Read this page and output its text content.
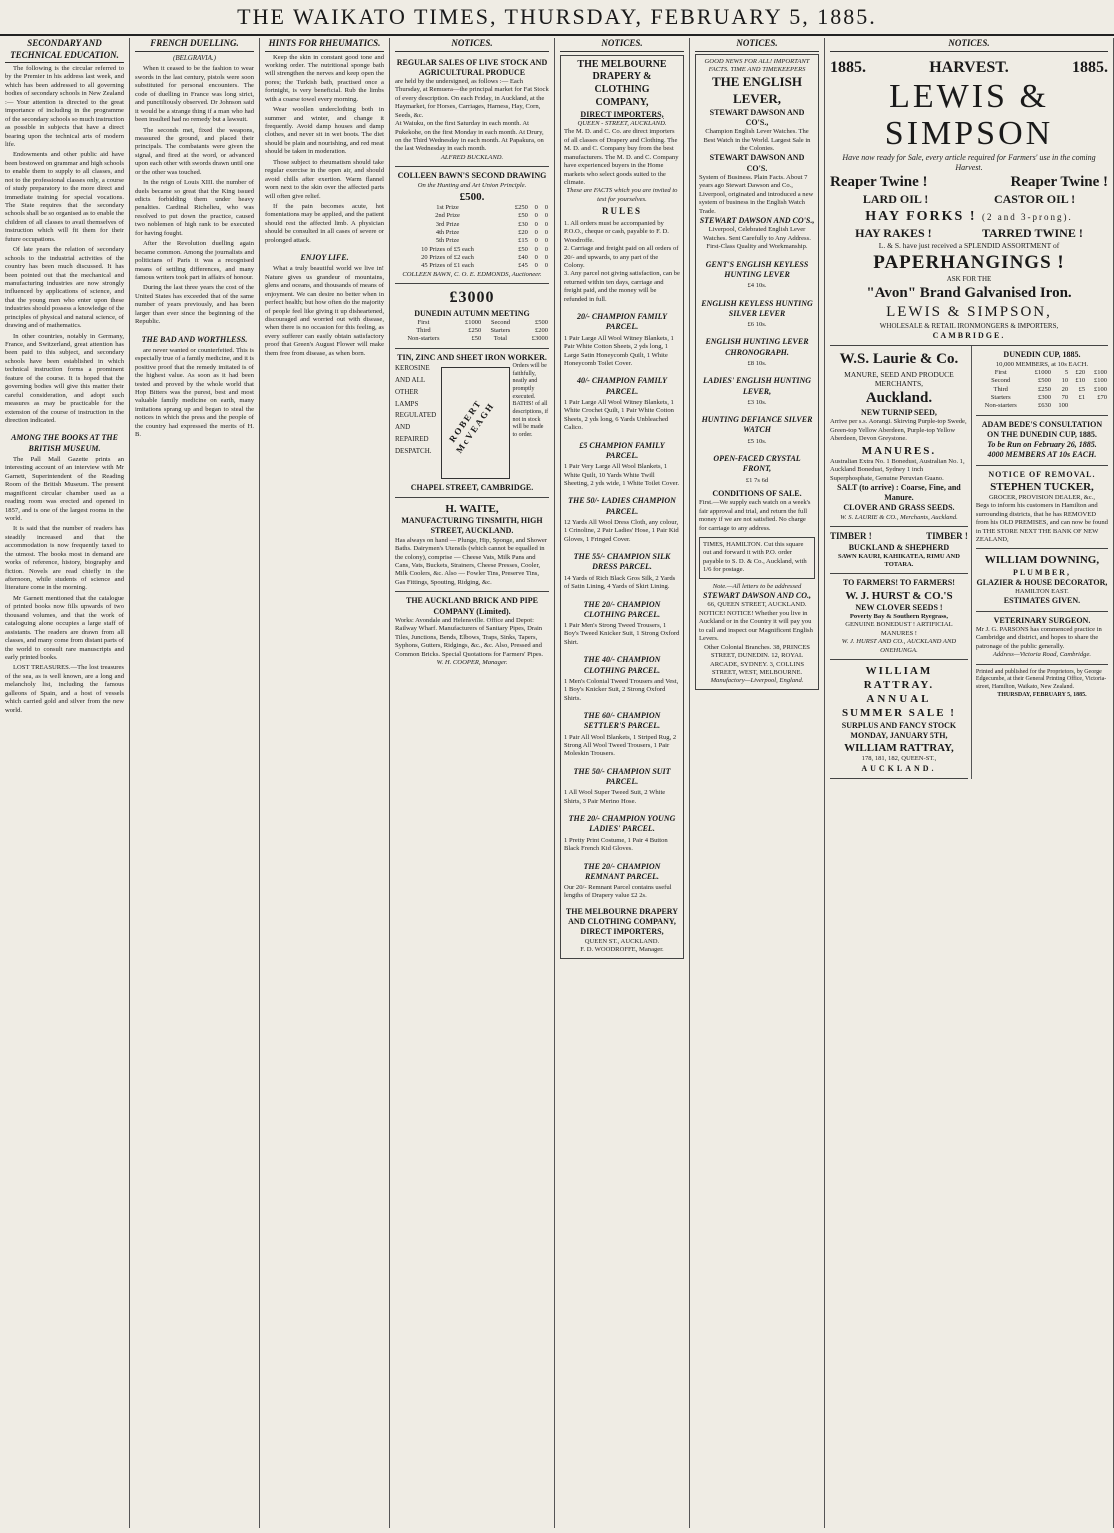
THE WAIKATO TIMES, THURSDAY, FEBRUARY 5, 1885.
SECONDARY AND TECHNICAL EDUCATION.

The following is the circular referred to by the Premier in his address last week, and which has been addressed to all governing bodies of secondary schools in New Zealand :— Your attention is directed to the great importance of including in the programme of the secondary schools so much instruction as possible in subjects that have a direct bearing upon the technical arts of modern life.

Endowments and other public aid have been bestowed on grammar and high schools to enable them to supply to all classes, and not to the professional classes only, a course of study preparatory to the more direct and immediate training for special vocations. The State requires that the secondary schools shall be so organised as to enable the children of all classes to avail themselves of instruction which will fit them for their future occupations.

Of late years the relation of secondary schools to the industrial activities of the country has been much discussed. It has been pointed out that the mechanical and manufacturing industries are now strongly influenced by applications of science, and that the young men who enter upon these industries should possess a knowledge of the principles of physical and natural science, of drawing and of mathematics.

In other countries, notably in Germany, France, and Switzerland, great attention has been paid to this subject, and secondary schools have been established in which technical instruction forms a prominent feature of the course. It is hoped that the governing bodies will give this matter their careful consideration, and adopt such measures as may be practicable for the extension of the course of instruction in the direction indicated.

AMONG THE BOOKS AT THE BRITISH MUSEUM.

The Pall Mall Gazette prints an interesting account of an interview with Mr Garnett, Superintendent of the Reading Room of the British Museum. The present magnificent circular chamber used as a reading room was erected and opened in 1857, and is one of the largest rooms in the world.

It is said that the number of readers has steadily increased and that the accommodation is now frequently taxed to the utmost. The books most in demand are works of reference, history, biography and fiction. Novels are read chiefly in the afternoon, while students of science and literature come in the morning.

Mr Garnett mentioned that the catalogue of printed books now fills upwards of two thousand volumes, and that the work of cataloguing alone occupies a large staff of assistants. The readers are drawn from all classes, and many come from distant parts of the world to consult rare manuscripts and early printed books.

LOST TREASURES.—The lost treasures of the sea, as is well known, are a long and melancholy list, including the famous galleons of Spain, and a host of vessels which carried gold and silver from the new world.

FRENCH DUELLING.
(BELGRAVIA.)

When it ceased to be the fashion to wear swords in the last century, pistols were soon substituted for personal encounters. The code of duelling in France was long strict, and punctiliously observed. Dr Johnson said it would be a strange thing if a man who had been insulted had no remedy but a lawsuit.

The seconds met, fixed the weapons, measured the ground, and placed their principals. The combatants were given the signal, and fired at the word, or advanced upon each other with swords drawn until one or the other was touched.

In the reign of Louis XIII. the number of duels became so great that the King issued edicts forbidding them under heavy penalties. Cardinal Richelieu, who was resolved to put down the practice, caused two noblemen of high rank to be executed for having fought.

After the Revolution duelling again became common. Among the journalists and politicians of Paris it was a recognised means of settling differences, and many famous writers took part in affairs of honour.

During the last three years the cost of the United States has exceeded that of the same number of years previously, and has been larger than ever since the beginning of the Republic.

THE BAD AND WORTHLESS.

are never wanted or counterfeited. This is especially true of a family medicine, and it is positive proof that the remedy imitated is of the highest value. As soon as it had been tested and proved by the whole world that Hop Bitters was the purest, best and most valuable family medicine on earth, many imitations sprang up and began to steal the notices in which the press and the people of the country had expressed the merits of H. B.

HINTS FOR RHEUMATICS.

Keep the skin in constant good tone and working order. The nutritional sponge bath will strengthen the nerves and keep open the pores; the Turkish bath, practised once a fortnight, is very beneficial. Rub the limbs with a coarse towel every morning.

Wear woollen underclothing both in summer and winter, and change it frequently. Avoid damp houses and damp clothes, and never sit in wet boots. The diet should be plain and nourishing, and red meat should be taken in moderation.

Those subject to rheumatism should take regular exercise in the open air, and should avoid chills after exertion. Warm flannel worn next to the skin over the affected parts will often give relief.

If the pain becomes acute, hot fomentations may be applied, and the patient should rest the affected limb. A physician should be consulted in all cases of severe or prolonged attack.

ENJOY LIFE.

What a truly beautiful world we live in! Nature gives us grandeur of mountains, glens and oceans, and thousands of means of enjoyment. We can desire no better when in perfect health; but how often do the majority of people feel like giving it up disheartened, discouraged and worried out with disease, when there is no occasion for this feeling, as every sufferer can easily obtain satisfactory proof that Green's August Flower will make them free from disease, as when born.

NOTICES.
REGULAR SALES OF LIVE STOCK AND AGRICULTURAL PRODUCE
are held by the undersigned, as follows :— Each Thursday, at Remuera—the principal market for Fat Stock of every description. On each Friday, in Auckland, at the Haymarket, for Horses, Carriages, Harness, Hay, Corn, Seeds, &c.
At Waiuku, on the first Saturday in each month. At Pukekohe, on the first Monday in each month. At Drury, on the Third Wednesday in each month. At Papakura, on the last Wednesday in each month.
ALFRED BUCKLAND.
COLLEEN BAWN'S SECOND DRAWING
On the Hunting and Art Union Principle.
£500.
1st Prize	£250	0	0
2nd Prize	£50	0	0
3rd Prize	£30	0	0
4th Prize	£20	0	0
5th Prize	£15	0	0
10 Prizes of £5 each	£50	0	0
20 Prizes of £2 each	£40	0	0
45 Prizes of £1 each	£45	0	0
COLLEEN BAWN, C. O. E. EDMONDS, Auctioneer.
£3000
DUNEDIN AUTUMN MEETING
First	£1000	Second	£500
Third	£250	Starters	£200
Non-starters	£50	Total	£3000
TIN, ZINC AND SHEET IRON WORKER.
KEROSINE
AND ALL OTHER
LAMPS
REGULATED
AND
REPAIRED
DESPATCH.
ROBERT McVEAGH
Orders will be faithfully, neatly and promptly executed. BATHS! of all descriptions, if not in stock will be made to order.
CHAPEL STREET, CAMBRIDGE.
H. WAITE,
MANUFACTURING TINSMITH, HIGH STREET, AUCKLAND.
Has always on hand — Plunge, Hip, Sponge, and Shower Baths. Dairymen's Utensils (which cannot be equalled in the colony), comprise — Cheese Vats, Milk Pans and Cans, Vats, Buckets, Strainers, Cheese Presses, Cooler, Milk Coolers, &c. Also — Fowler Tins, Preserve Tins, Gas Fittings, Spouting, Ridging, &c.
THE AUCKLAND BRICK AND PIPE COMPANY (Limited).
Works: Avondale and Helensville. Office and Depot: Railway Wharf. Manufacturers of Sanitary Pipes, Drain Tiles, Junctions, Bends, Elbows, Traps, Sinks, Tapers, Syphons, Gutters, Ridgings, &c., &c. Also, Pressed and Common Bricks. Special Quotations for Farmers' Pipes.
W. H. COOPER, Manager.
NOTICES.
THE MELBOURNE
DRAPERY & CLOTHING
COMPANY,
DIRECT IMPORTERS,
QUEEN - STREET, AUCKLAND.
The M. D. and C. Co. are direct importers of all classes of Drapery and Clothing. The M. D. and C. Company buy from the best manufacturers. The M. D. and C. Company have experienced buyers in the Home markets who select goods suited to the climate.
These are FACTS which you are invited to test for yourselves.
RULES
1. All orders must be accompanied by P.O.O., cheque or cash, payable to F. D. Woodroffe.
2. Carriage and freight paid on all orders of 20/- and upwards, to any part of the Colony.
3. Any parcel not giving satisfaction, can be returned within ten days, carriage and freight paid, and the money will be refunded in full.
20/- CHAMPION FAMILY PARCEL.
1 Pair Large All Wool Witney Blankets, 1 Pair White Cotton Sheets, 2 yds long, 1 Large Satin Honeycomb Quilt, 1 White Honeycomb Toilet Cover.
40/- CHAMPION FAMILY PARCEL.
1 Pair Large All Wool Witney Blankets, 1 White Crochet Quilt, 1 Pair White Cotton Sheets, 2 yds long, 6 Yards Unbleached Calico.
£5 CHAMPION FAMILY PARCEL.
1 Pair Very Large All Wool Blankets, 1 White Quilt, 10 Yards White Twill Sheeting, 2 yds wide, 1 White Toilet Cover.
THE 50/- LADIES CHAMPION PARCEL.
12 Yards All Wool Dress Cloth, any colour, 1 Crinoline, 2 Pair Ladies' Hose, 1 Pair Kid Gloves, 1 Fringed Cover.
THE 55/- CHAMPION SILK DRESS PARCEL.
14 Yards of Rich Black Gros Silk, 2 Yards of Satin Lining, 4 Yards of Skirt Lining.
THE 20/- CHAMPION CLOTHING PARCEL.
1 Pair Men's Strong Tweed Trousers, 1 Boy's Tweed Knicker Suit, 1 Strong Oxford Shirt.
THE 40/- CHAMPION CLOTHING PARCEL.
1 Men's Colonial Tweed Trousers and Vest, 1 Boy's Knicker Suit, 2 Strong Oxford Shirts.
THE 60/- CHAMPION SETTLER'S PARCEL.
1 Pair All Wool Blankets, 1 Striped Rug, 2 Strong All Wool Tweed Trousers, 1 Pair Moleskin Trousers.
THE 50/- CHAMPION SUIT PARCEL.
1 All Wool Super Tweed Suit, 2 White Shirts, 3 Pair Merino Hose.
THE 20/- CHAMPION YOUNG LADIES' PARCEL.
1 Pretty Print Costume, 1 Pair 4 Button Black French Kid Gloves.
THE 20/- CHAMPION REMNANT PARCEL.
Our 20/- Remnant Parcel contains useful lengths of Drapery value £2 2s.
THE MELBOURNE DRAPERY AND CLOTHING COMPANY,
DIRECT IMPORTERS,
QUEEN ST., AUCKLAND.
F. D. WOODROFFE, Manager.
NOTICES.
GOOD NEWS FOR ALL! IMPORTANT FACTS. TIME AND TIMEKEEPERS
THE ENGLISH LEVER,
STEWART DAWSON AND CO'S.,
Champion English Lever Watches. The Best Watch in the World. Largest Sale in the Colonies.
STEWART DAWSON AND CO'S.
System of Business. Plain Facts. About 7 years ago Stewart Dawson and Co., Liverpool, originated and introduced a new system of business in the English Watch Trade.
STEWART DAWSON AND CO'S.,
Liverpool, Celebrated English Lever Watches. Sent Carefully to Any Address. First-Class Quality and Workmanship.
GENT'S ENGLISH KEYLESS HUNTING LEVER
£4 10s.
ENGLISH KEYLESS HUNTING SILVER LEVER
£6 10s.
ENGLISH HUNTING LEVER CHRONOGRAPH.
£8 10s.
LADIES' ENGLISH HUNTING LEVER,
£3 10s.
HUNTING DEFIANCE SILVER WATCH
£5 10s.
OPEN-FACED CRYSTAL FRONT,
£1 7s 6d
CONDITIONS OF SALE.
First.—We supply each watch on a week's fair approval and trial, and return the full money if we are not satisfied. No charge for carriage to any address.
TIMES, HAMILTON. Cut this square out and forward it with P.O. order payable to S. D. & Co., Auckland, with 1/6 for postage.
Note.—All letters to be addressed
STEWART DAWSON AND CO.,
66, QUEEN STREET, AUCKLAND.
NOTICE! NOTICE! Whether you live in Auckland or in the Country it will pay you to call and inspect our Magnificent English Levers.
Other Colonial Branches. 38, PRINCES STREET, DUNEDIN. 12, ROYAL ARCADE, SYDNEY. 3, COLLINS STREET, WEST, MELBOURNE.
Manufactory—Liverpool, England.
NOTICES.
1885.	HARVEST.	1885.
LEWIS & SIMPSON
Have now ready for Sale, every article required for Farmers' use in the coming Harvest.
Reaper Twine !	Reaper Twine !
LARD OIL !	CASTOR OIL !
HAY FORKS ! (2 and 3-prong).
HAY RAKES !	TARRED TWINE !
L. & S. have just received a SPLENDID ASSORTMENT of
PAPERHANGINGS !
ASK FOR THE
"Avon" Brand Galvanised Iron.
LEWIS & SIMPSON,
WHOLESALE & RETAIL IRONMONGERS & IMPORTERS,
CAMBRIDGE.
W.S. Laurie & Co.
MANURE, SEED AND PRODUCE MERCHANTS,
Auckland.
NEW TURNIP SEED,
Arrive per s.s. Aorangi. Skirving Purple-top Swede, Green-top Yellow Aberdeen, Purple-top Yellow Aberdeen, Devon Greystone.
MANURES.
Australian Extra No. 1 Bonedust, Australian No. 1, Auckland Bonedust, Sydney 1 inch Superphosphate, Genuine Peruvian Guano.
SALT (to arrive) : Coarse, Fine, and Manure.
CLOVER AND GRASS SEEDS.
W. S. LAURIE & CO., Merchants, Auckland.
TIMBER !	TIMBER !
BUCKLAND & SHEPHERD
SAWN KAURI, KAHIKATEA, RIMU AND TOTARA.
TO FARMERS! TO FARMERS!
W. J. HURST & CO.'S
NEW CLOVER SEEDS !
Poverty Bay & Southern Ryegrass,
GENUINE BONEDUST ! ARTIFICIAL MANURES !
W. J. HURST AND CO., AUCKLAND AND ONEHUNGA.
WILLIAM RATTRAY.
ANNUAL
SUMMER SALE !
SURPLUS AND FANCY STOCK
MONDAY, JANUARY 5TH,
WILLIAM RATTRAY,
178, 181, 182, QUEEN-ST.,
AUCKLAND.
DUNEDIN CUP, 1885.
10,000 MEMBERS, at 10s EACH.
First	£1000	5	£20	£100
Second	£500	10	£10	£100
Third	£250	20	£5	£100
Starters	£300	70	£1	£70
Non-starters	£630	100		
ADAM BEDE'S CONSULTATION ON THE DUNEDIN CUP, 1885.
To be Run on February 26, 1885.
4000 MEMBERS AT 10s EACH.
NOTICE OF REMOVAL.
STEPHEN TUCKER,
GROCER, PROVISION DEALER, &c.,
Begs to inform his customers in Hamilton and surrounding districts, that he has REMOVED from his OLD PREMISES, and can now be found in THE STORE NEXT THE BANK OF NEW ZEALAND,
WILLIAM DOWNING,
PLUMBER,
GLAZIER & HOUSE DECORATOR,
HAMILTON EAST.
ESTIMATES GIVEN.
VETERINARY SURGEON.
Mr J. G. PARSONS has commenced practice in Cambridge and district, and hopes to share the patronage of the public generally.
Address—Victoria Road, Cambridge.
Printed and published for the Proprietors, by George Edgecumbe, at their General Printing Office, Victoria-street, Hamilton, Waikato, New Zealand.
THURSDAY, FEBRUARY 5, 1885.
